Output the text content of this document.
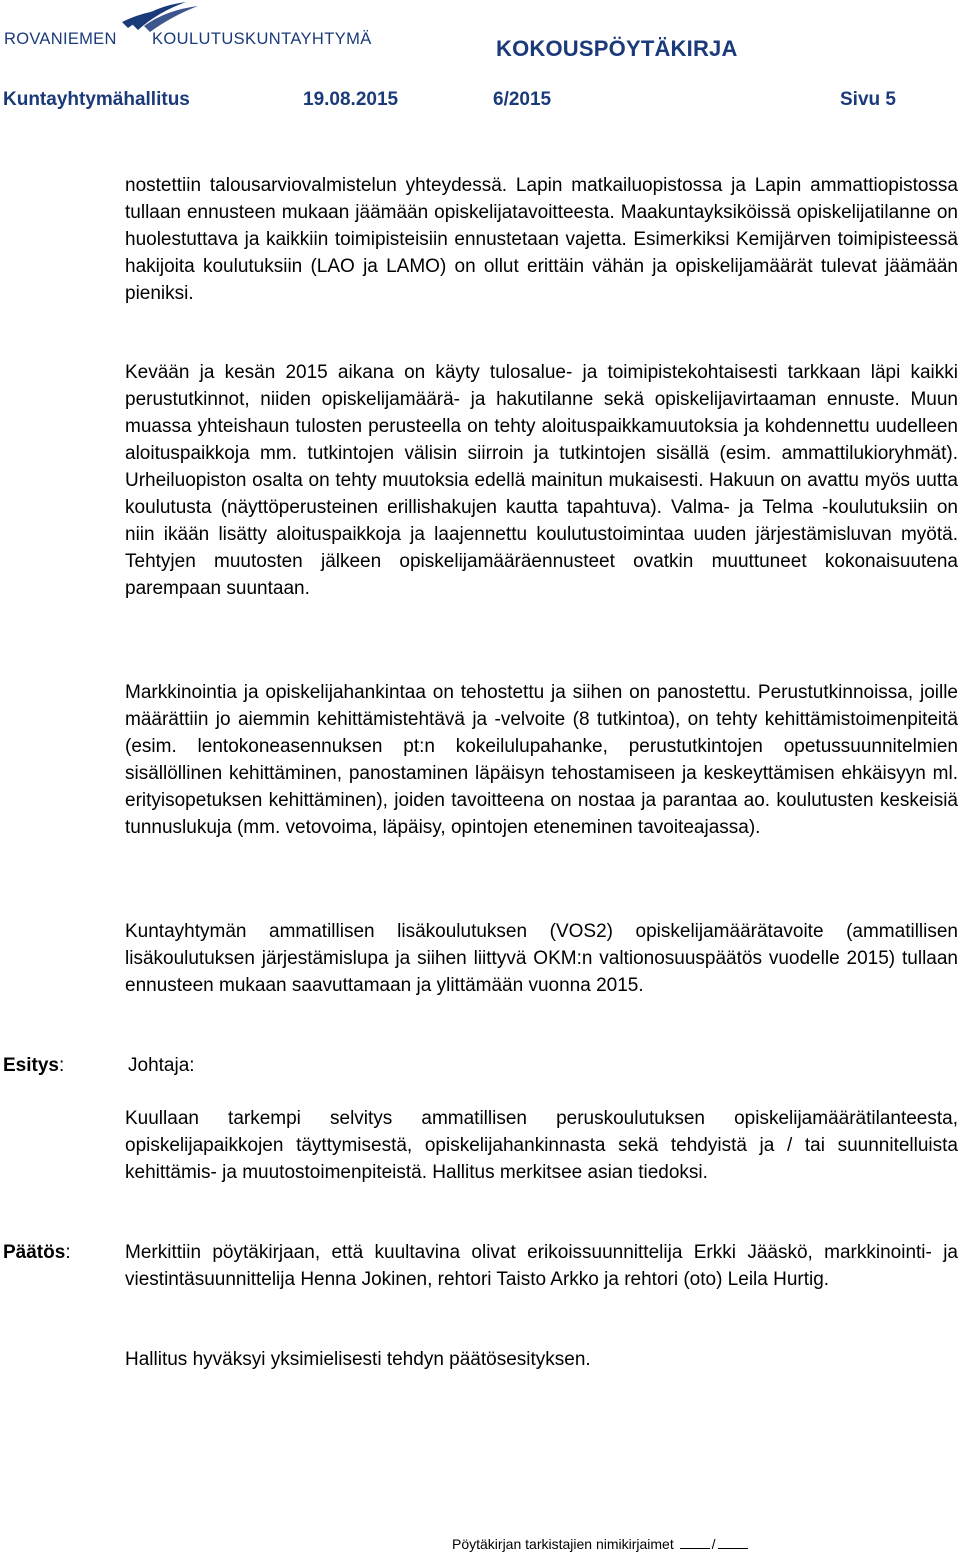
ROVANIEMEN KOULUTUSKUNTAYHTYMÄ	KOKOUSPÖYTÄKIRJA
Kuntayhtymähallitus	19.08.2015	6/2015	Sivu 5
nostettiin talousarviovalmistelun yhteydessä. Lapin matkailuopistossa ja Lapin ammattiopistossa tullaan ennusteen mukaan jäämään opiskelijatavoitteesta. Maakuntayksiköissä opiskelijatilanne on huolestuttava ja kaikkiin toimipisteisiin ennustetaan vajetta. Esimerkiksi Kemijärven toimipisteessä hakijoita koulutuksiin (LAO ja LAMO) on ollut erittäin vähän ja opiskelijamäärät tulevat jäämään pieniksi.
Kevään ja kesän 2015 aikana on käyty tulosalue- ja toimipistekohtaisesti tarkkaan läpi kaikki perustutkinnot, niiden opiskelijamäärä- ja hakutilanne sekä opiskelijavirtaaman ennuste. Muun muassa yhteishaun tulosten perusteella on tehty aloituspaikkamuutoksia ja kohdennettu uudelleen aloituspaikkoja mm. tutkintojen välisin siirroin ja tutkintojen sisällä (esim. ammattilukioryhmät). Urheiluopiston osalta on tehty muutoksia edellä mainitun mukaisesti. Hakuun on avattu myös uutta koulutusta (näyttöperusteinen erillishakujen kautta tapahtuva). Valma- ja Telma -koulutuksiin on niin ikään lisätty aloituspaikkoja ja laajennettu koulutustoimintaa uuden järjestämisluvan myötä. Tehtyjen muutosten jälkeen opiskelijamääräennusteet ovatkin muuttuneet kokonaisuutena parempaan suuntaan.
Markkinointia ja opiskelijahankintaa on tehostettu ja siihen on panostettu. Perustutkinnoissa, joille määrättiin jo aiemmin kehittämistehtävä ja -velvoite (8 tutkintoa), on tehty kehittämistoimenpiteitä (esim. lentokoneasennuksen pt:n kokeilulupahanke, perustutkintojen opetussuunnitelmien sisällöllinen kehittäminen, panostaminen läpäisyn tehostamiseen ja keskeyttämisen ehkäisyyn ml. erityisopetuksen kehittäminen), joiden tavoitteena on nostaa ja parantaa ao. koulutusten keskeisiä tunnuslukuja (mm. vetovoima, läpäisy, opintojen eteneminen tavoiteajassa).
Kuntayhtymän ammatillisen lisäkoulutuksen (VOS2) opiskelijamäärätavoite (ammatillisen lisäkoulutuksen järjestämislupa ja siihen liittyvä OKM:n valtionosuuspäätös vuodelle 2015) tullaan ennusteen mukaan saavuttamaan ja ylittämään vuonna 2015.
Esitys:	Johtaja:
Kuullaan tarkempi selvitys ammatillisen peruskoulutuksen opiskelijamäärätilanteesta, opiskelijapaikkojen täyttymisestä, opiskelijahankinnasta sekä tehdyistä ja / tai suunnitelluista kehittämis- ja muutostoimenpiteistä. Hallitus merkitsee asian tiedoksi.
Päätös:	Merkittiin pöytäkirjaan, että kuultavina olivat erikoissuunnittelija Erkki Jääskö, markkinointi- ja viestintäsuunnittelija Henna Jokinen, rehtori Taisto Arkko ja rehtori (oto) Leila Hurtig.
Hallitus hyväksyi yksimielisesti tehdyn päätösesityksen.
Pöytäkirjan tarkistajien nimikirjaimet	/
